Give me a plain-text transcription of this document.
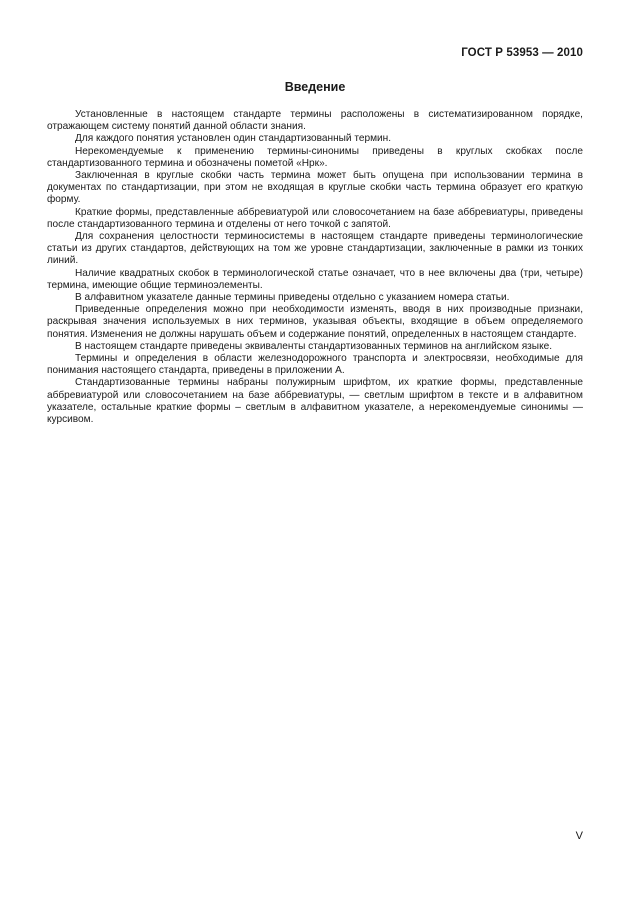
ГОСТ Р 53953 — 2010
Введение

Установленные в настоящем стандарте термины расположены в систематизированном порядке, отражающем систему понятий данной области знания.

Для каждого понятия установлен один стандартизованный термин.

Нерекомендуемые к применению термины-синонимы приведены в круглых скобках после стандартизованного термина и обозначены пометой «Нрк».

Заключенная в круглые скобки часть термина может быть опущена при использовании термина в документах по стандартизации, при этом не входящая в круглые скобки часть термина образует его краткую форму.

Краткие формы, представленные аббревиатурой или словосочетанием на базе аббревиатуры, приведены после стандартизованного термина и отделены от него точкой с запятой.

Для сохранения целостности терминосистемы в настоящем стандарте приведены терминологические статьи из других стандартов, действующих на том же уровне стандартизации, заключенные в рамки из тонких линий.

Наличие квадратных скобок в терминологической статье означает, что в нее включены два (три, четыре) термина, имеющие общие терминоэлементы.

В алфавитном указателе данные термины приведены отдельно с указанием номера статьи.

Приведенные определения можно при необходимости изменять, вводя в них производные признаки, раскрывая значения используемых в них терминов, указывая объекты, входящие в объем определяемого понятия. Изменения не должны нарушать объем и содержание понятий, определенных в настоящем стандарте.

В настоящем стандарте приведены эквиваленты стандартизованных терминов на английском языке.

Термины и определения в области железнодорожного транспорта и электросвязи, необходимые для понимания настоящего стандарта, приведены в приложении А.

Стандартизованные термины набраны полужирным шрифтом, их краткие формы, представленные аббревиатурой или словосочетанием на базе аббревиатуры, — светлым шрифтом в тексте и в алфавитном указателе, остальные краткие формы – светлым в алфавитном указателе, а нерекомендуемые синонимы — курсивом.

V
